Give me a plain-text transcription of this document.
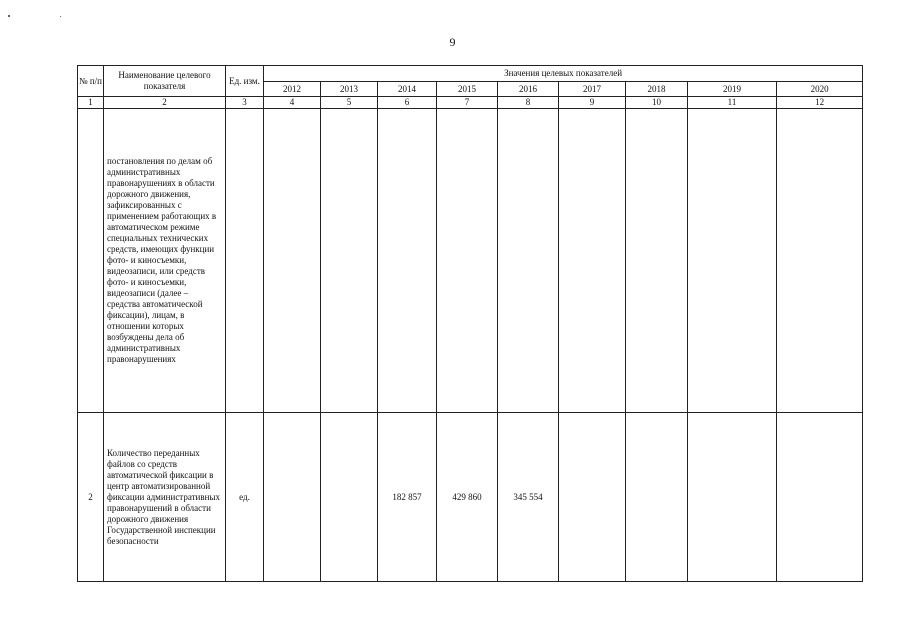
9
№ п/п	Наименование целевого показателя	Ед. изм.	Значения целевых показателей								
			2012	2013	2014	2015	2016	2017	2018	2019	2020
1	2	3	4	5	6	7	8	9	10	11	12
	постановления по делам об административных правонарушениях в области дорожного движения, зафиксированных с применением работающих в автоматическом режиме специальных технических средств, имеющих функции фото- и киносъемки, видеозаписи, или средств фото- и киносъемки, видеозаписи (далее – средства автоматической фиксации), лицам, в отношении которых возбуждены дела об административных правонарушениях										
2	Количество переданных файлов со средств автоматической фиксации в центр автоматизированной фиксации административных правонарушений в области дорожного движения Государственной инспекции безопасности	ед.			182 857	429 860	345 554				
